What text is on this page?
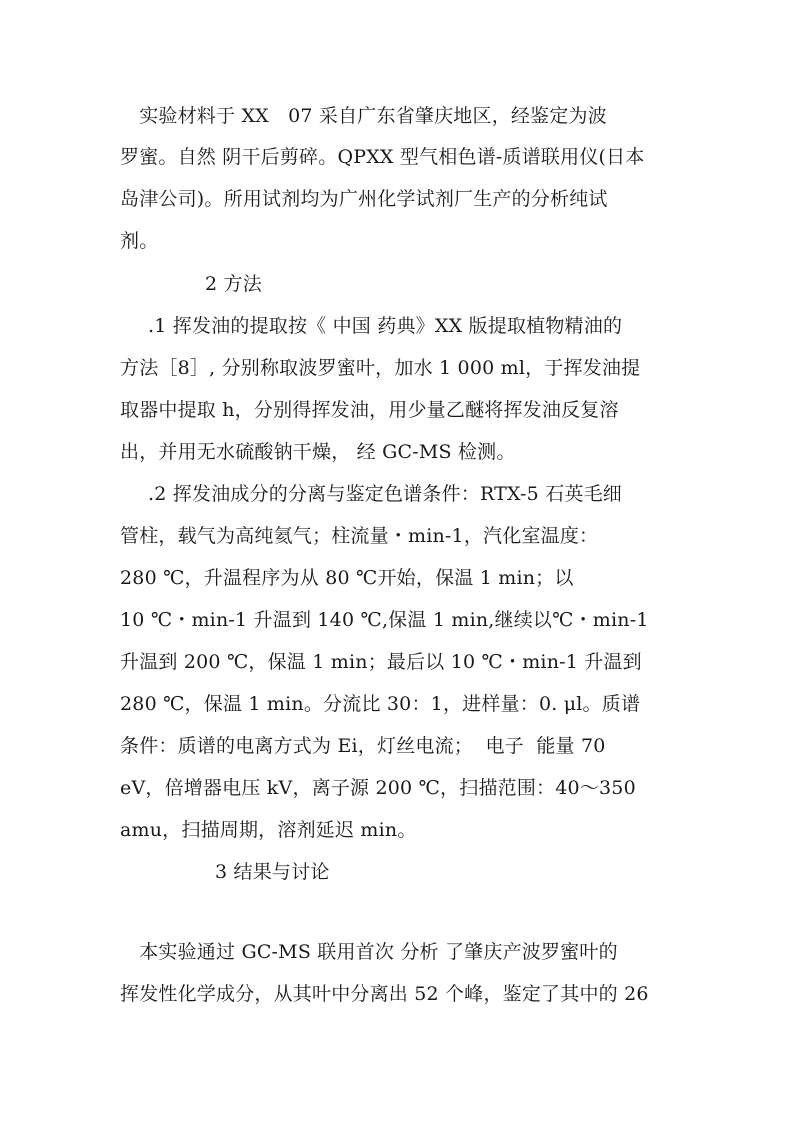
　实验材料于 XX　07 采自广东省肇庆地区，经鉴定为波
罗蜜。自然 阴干后剪碎。QPXX 型气相色谱-质谱联用仪(日本
岛津公司)。所用试剂均为广州化学试剂厂生产的分析纯试
剂。
2 方法
.1 挥发油的提取按《 中国 药典》XX 版提取植物精油的
方法［8］, 分别称取波罗蜜叶，加水 1 000 ml，于挥发油提
取器中提取 h，分别得挥发油，用少量乙醚将挥发油反复溶
出，并用无水硫酸钠干燥， 经 GC-MS 检测。
.2 挥发油成分的分离与鉴定色谱条件：RTX-5 石英毛细
管柱，载气为高纯氦气；柱流量・min-1，汽化室温度：
280 ℃，升温程序为从 80 ℃开始，保温 1 min；以
10 ℃・min-1 升温到 140 ℃,保温 1 min,继续以℃・min-1
升温到 200 ℃，保温 1 min；最后以 10 ℃・min-1 升温到
280 ℃，保温 1 min。分流比 30：1，进样量：0. μl。质谱
条件：质谱的电离方式为 Ei，灯丝电流；  电子  能量 70
eV，倍增器电压 kV，离子源 200 ℃，扫描范围：40～350
amu，扫描周期，溶剂延迟 min。
3 结果与讨论
　本实验通过 GC-MS 联用首次 分析 了肇庆产波罗蜜叶的
挥发性化学成分，从其叶中分离出 52 个峰，鉴定了其中的 26
